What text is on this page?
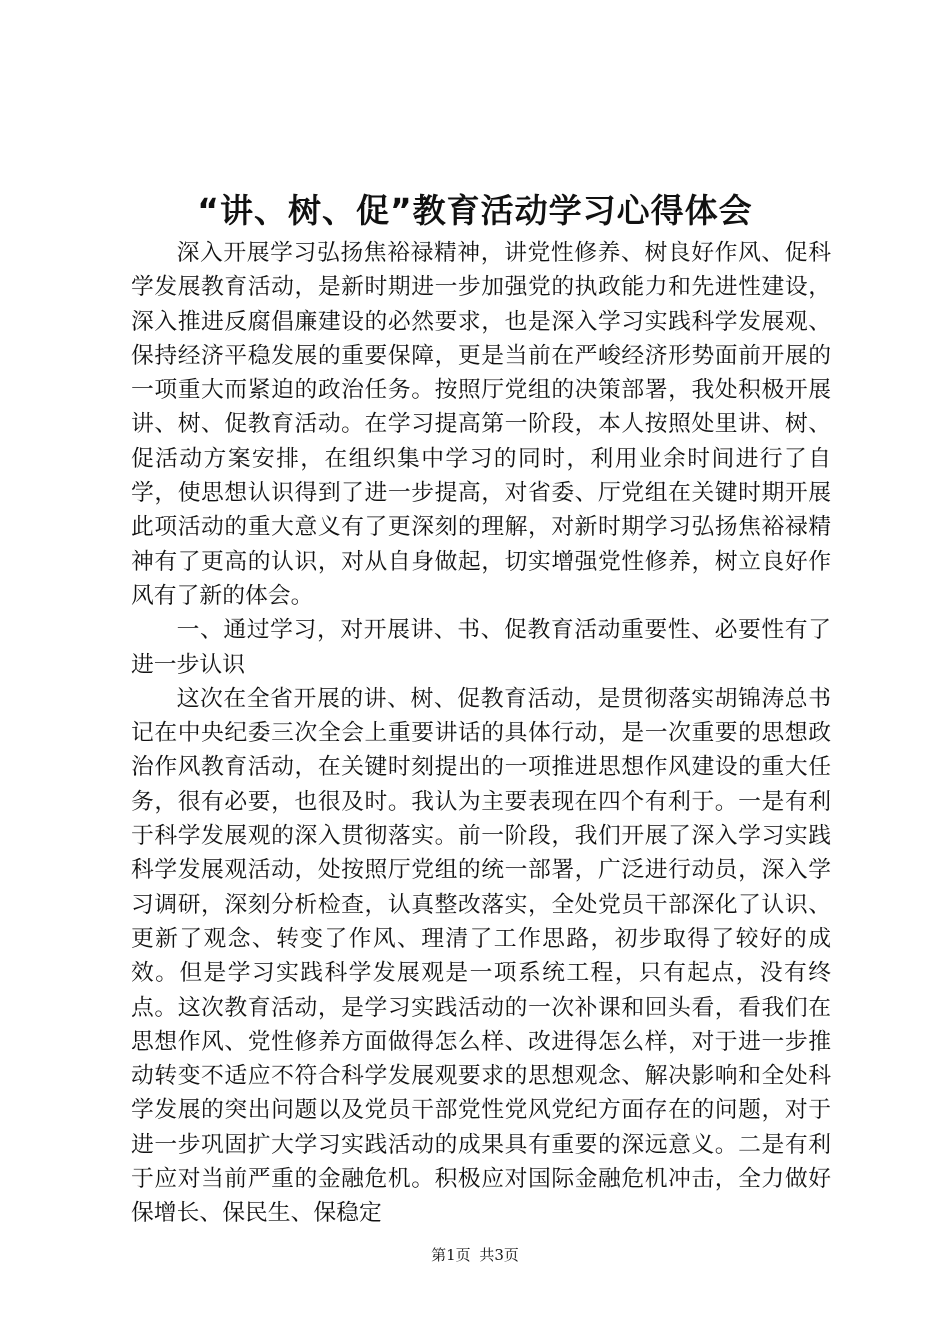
“讲、树、促”教育活动学习心得体会

深入开展学习弘扬焦裕禄精神，讲党性修养、树良好作风、促科学发展教育活动，是新时期进一步加强党的执政能力和先进性建设，深入推进反腐倡廉建设的必然要求，也是深入学习实践科学发展观、保持经济平稳发展的重要保障，更是当前在严峻经济形势面前开展的一项重大而紧迫的政治任务。按照厅党组的决策部署，我处积极开展讲、树、促教育活动。在学习提高第一阶段，本人按照处里讲、树、促活动方案安排，在组织集中学习的同时，利用业余时间进行了自学，使思想认识得到了进一步提高，对省委、厅党组在关键时期开展此项活动的重大意义有了更深刻的理解，对新时期学习弘扬焦裕禄精神有了更高的认识，对从自身做起，切实增强党性修养，树立良好作风有了新的体会。

一、通过学习，对开展讲、书、促教育活动重要性、必要性有了进一步认识

这次在全省开展的讲、树、促教育活动，是贯彻落实胡锦涛总书记在中央纪委三次全会上重要讲话的具体行动，是一次重要的思想政治作风教育活动，在关键时刻提出的一项推进思想作风建设的重大任务，很有必要，也很及时。我认为主要表现在四个有利于。一是有利于科学发展观的深入贯彻落实。前一阶段，我们开展了深入学习实践科学发展观活动，处按照厅党组的统一部署，广泛进行动员，深入学习调研，深刻分析检查，认真整改落实，全处党员干部深化了认识、更新了观念、转变了作风、理清了工作思路，初步取得了较好的成效。但是学习实践科学发展观是一项系统工程，只有起点，没有终点。这次教育活动，是学习实践活动的一次补课和回头看，看我们在思想作风、党性修养方面做得怎么样、改进得怎么样，对于进一步推动转变不适应不符合科学发展观要求的思想观念、解决影响和全处科学发展的突出问题以及党员干部党性党风党纪方面存在的问题，对于进一步巩固扩大学习实践活动的成果具有重要的深远意义。二是有利于应对当前严重的金融危机。积极应对国际金融危机冲击，全力做好保增长、保民生、保稳定

第1页 共3页
